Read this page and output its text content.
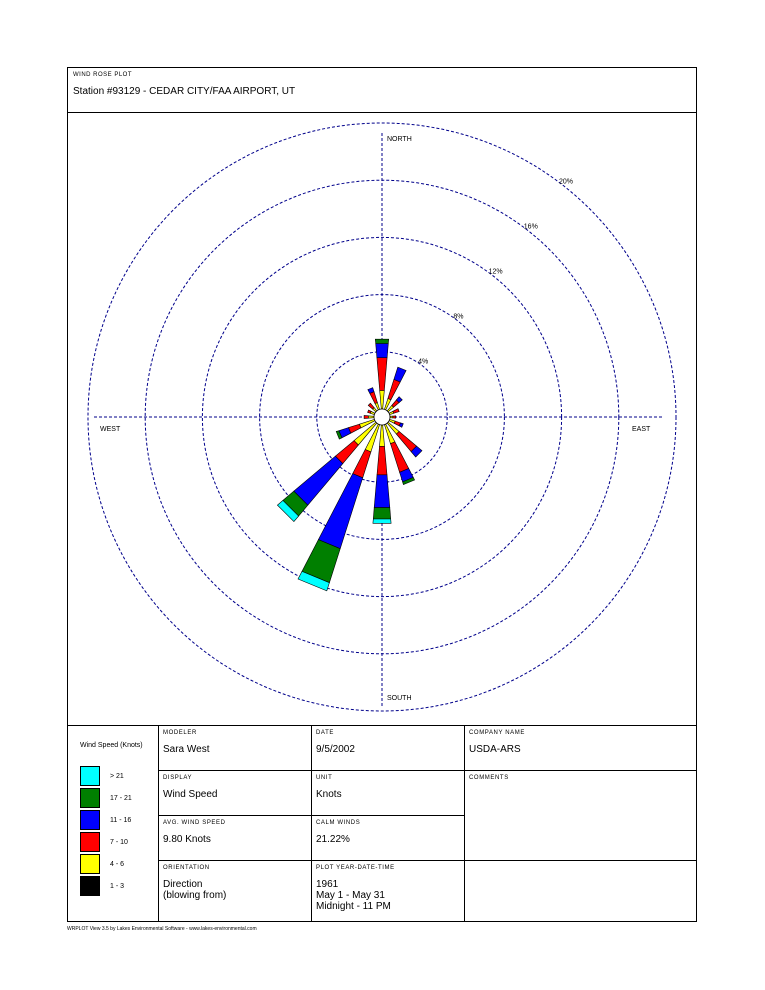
WIND ROSE PLOT
Station #93129 - CEDAR CITY/FAA AIRPORT, UT
NORTH
SOUTH
WEST	EAST
4%
8%
12%
16%
20%
Wind Speed (Knots)
> 21
17 - 21
11 - 16
7 - 10
4 - 6
1 - 3
MODELER
Sara West
DATE
9/5/2002
COMPANY NAME
USDA-ARS
DISPLAY
Wind Speed
UNIT
Knots
COMMENTS
AVG. WIND SPEED
9.80 Knots
CALM WINDS
21.22%
ORIENTATION
Direction
(blowing from)
PLOT YEAR-DATE-TIME
1961
May 1 - May 31
Midnight - 11 PM
WRPLOT View 3.5 by Lakes Environmental Software - www.lakes-environmental.com
